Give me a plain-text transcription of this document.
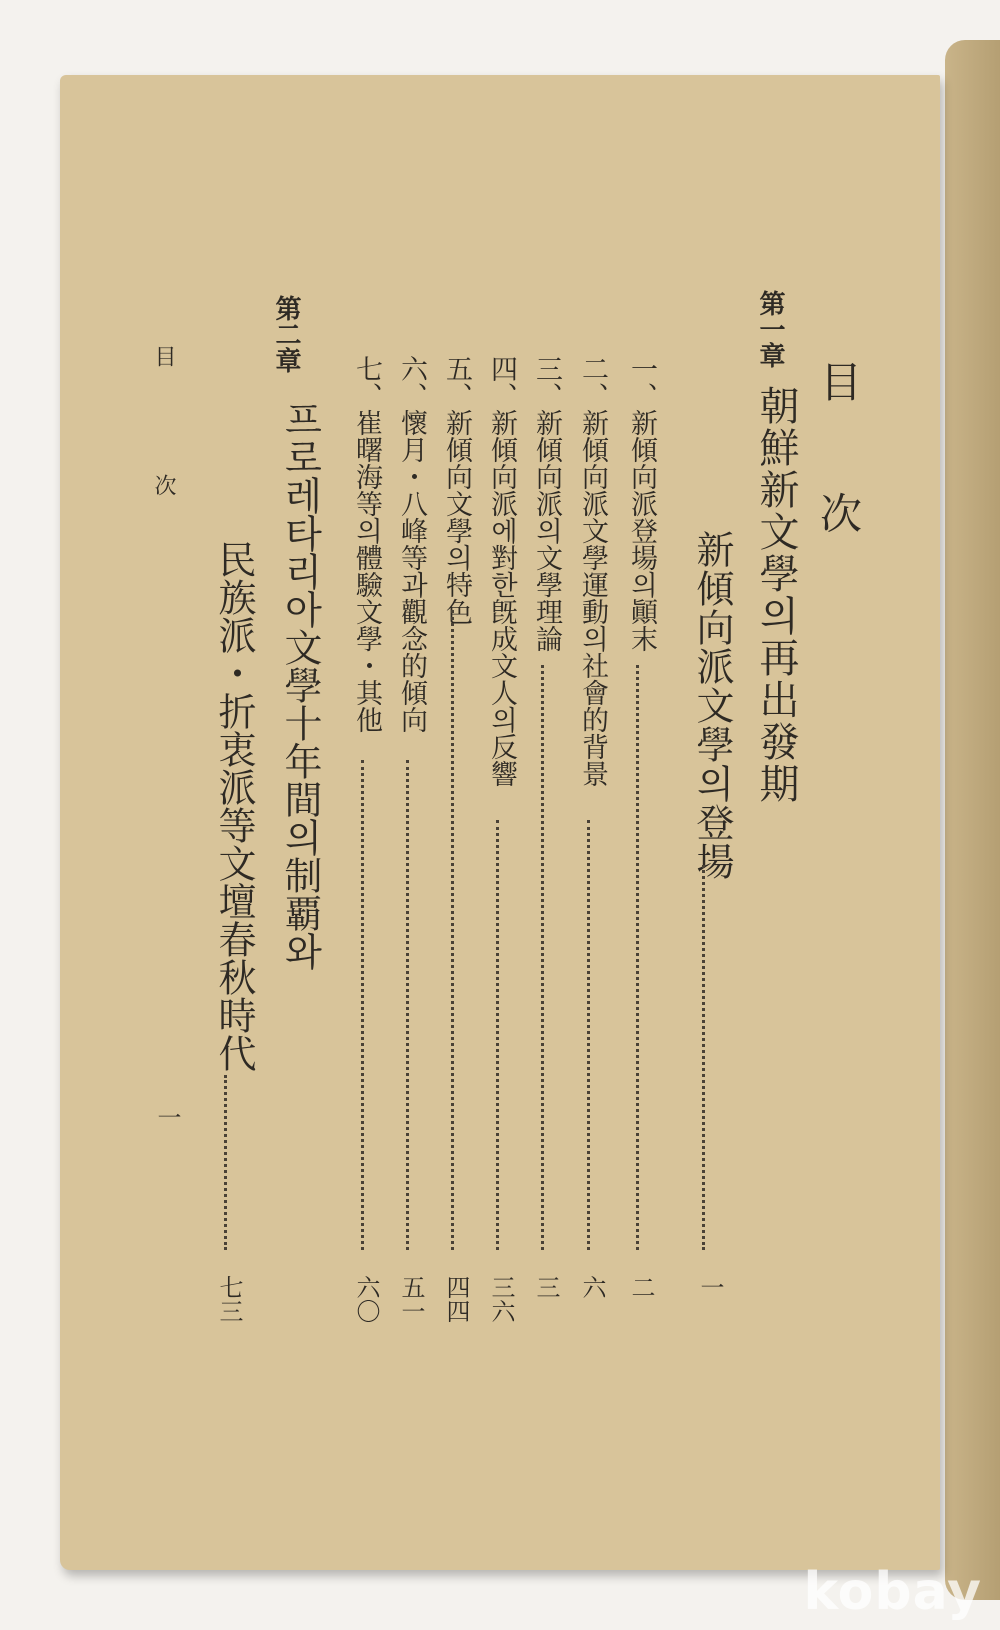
目 次
第一章
朝鮮新文學의再出發期
新傾向派文學의登場
一
一、新傾向派登場의顚末
二
二、新傾向派文學運動의社會的背景
六
三、新傾向派의文學理論
三
四、新傾向派에對한旣成文人의反響
三六
五、新傾向文學의特色
四四
六、懷月・八峰等과觀念的傾向
五一
七、崔曙海等의體驗文學・其他
六〇
第二章
프로레타리아文學十年間의制覇와
民族派・折衷派等文壇春秋時代
七三
目 次
一
kobay
